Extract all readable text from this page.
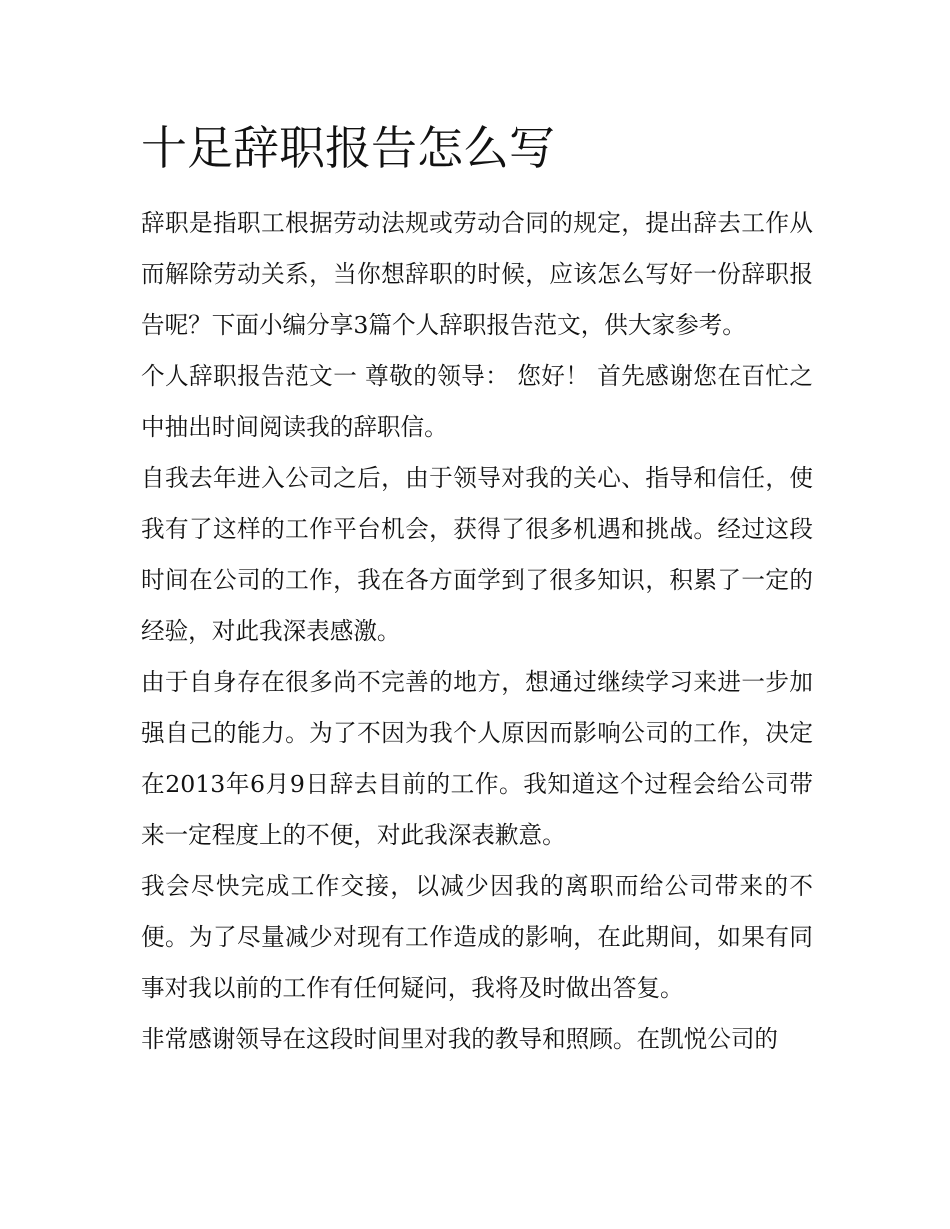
十足辞职报告怎么写

辞职是指职工根据劳动法规或劳动合同的规定，提出辞去工作从而解除劳动关系，当你想辞职的时候，应该怎么写好一份辞职报告呢？下面小编分享3篇个人辞职报告范文，供大家参考。

个人辞职报告范文一 尊敬的领导： 您好！ 首先感谢您在百忙之中抽出时间阅读我的辞职信。

自我去年进入公司之后，由于领导对我的关心、指导和信任，使我有了这样的工作平台机会，获得了很多机遇和挑战。经过这段时间在公司的工作，我在各方面学到了很多知识，积累了一定的经验，对此我深表感激。

由于自身存在很多尚不完善的地方，想通过继续学习来进一步加强自己的能力。为了不因为我个人原因而影响公司的工作，决定在2013年6月9日辞去目前的工作。我知道这个过程会给公司带来一定程度上的不便，对此我深表歉意。

我会尽快完成工作交接，以减少因我的离职而给公司带来的不便。为了尽量减少对现有工作造成的影响，在此期间，如果有同事对我以前的工作有任何疑问，我将及时做出答复。

非常感谢领导在这段时间里对我的教导和照顾。在凯悦公司的
